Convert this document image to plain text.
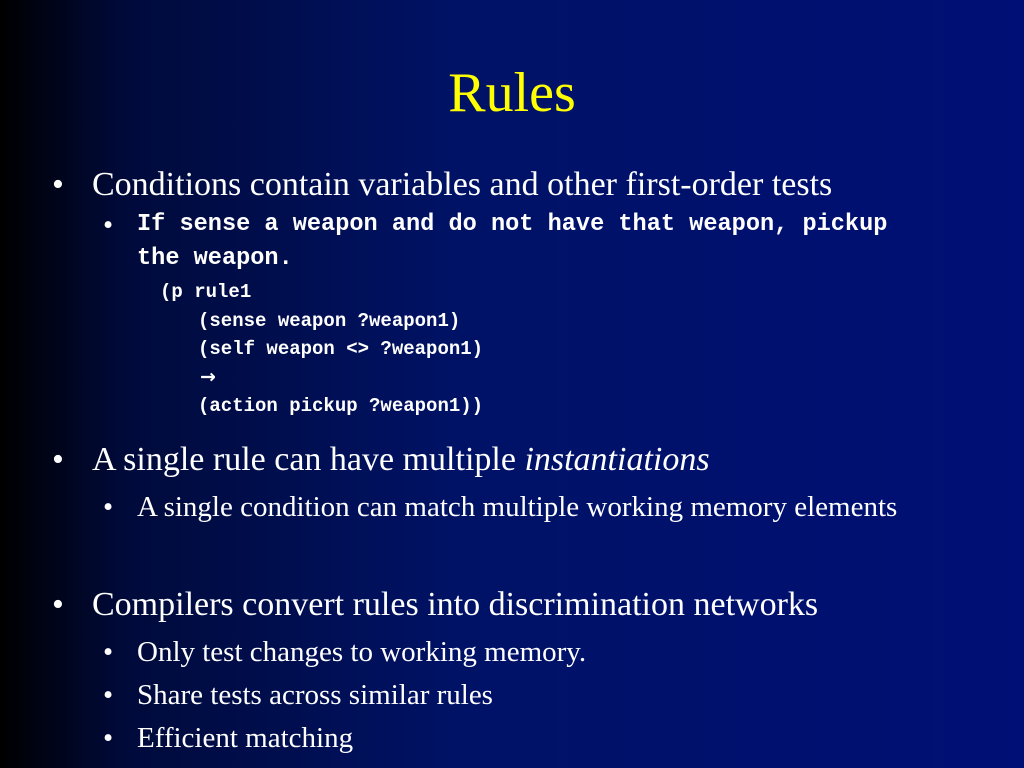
Rules
• Conditions contain variables and other first-order tests
• If sense a weapon and do not have that weapon, pickup the weapon.
(p rule1
(sense weapon ?weapon1)
(self weapon <> ?weapon1)
→
(action pickup ?weapon1))
• A single rule can have multiple instantiations
• A single condition can match multiple working memory elements
• Compilers convert rules into discrimination networks
• Only test changes to working memory.
• Share tests across similar rules
• Efficient matching
